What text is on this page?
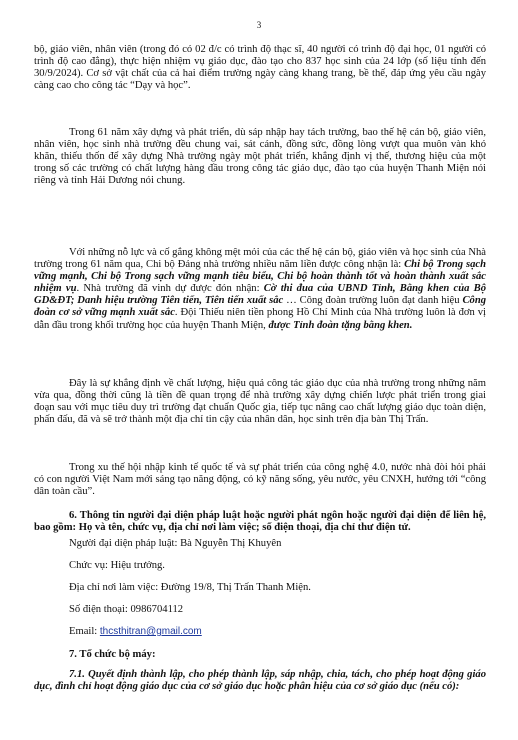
3

bộ, giáo viên, nhân viên (trong đó có 02 đ/c có trình độ thạc sĩ, 40 người có trình độ đại học, 01 người có trình độ cao đẳng), thực hiện nhiệm vụ giáo dục, đào tạo cho 837 học sinh của 24 lớp (số liệu tính đến 30/9/2024). Cơ sở vật chất của cả hai điểm trường ngày càng khang trang, bề thế, đáp ứng yêu cầu ngày càng cao cho công tác “Dạy và học”.

Trong 61 năm xây dựng và phát triển, dù sáp nhập hay tách trường, bao thế hệ cán bộ, giáo viên, nhân viên, học sinh nhà trường đều chung vai, sát cánh, đồng sức, đồng lòng vượt qua muôn vàn khó khăn, thiếu thốn để xây dựng Nhà trường ngày một phát triển, khẳng định vị thế, thương hiệu của một trong số các trường có chất lượng hàng đầu trong công tác giáo dục, đào tạo của huyện Thanh Miện nói riêng và tỉnh Hải Dương nói chung.

Với những nỗ lực và cố gắng không mệt mỏi của các thế hệ cán bộ, giáo viên và học sinh của Nhà trường trong 61 năm qua, Chi bộ Đảng nhà trường nhiều năm liền được công nhận là: Chi bộ Trong sạch vững mạnh, Chi bộ Trong sạch vững mạnh tiêu biểu, Chi bộ hoàn thành tốt và hoàn thành xuất sắc nhiệm vụ. Nhà trường đã vinh dự được đón nhận: Cờ thi đua của UBND Tỉnh, Bằng khen của Bộ GD&ĐT; Danh hiệu trường Tiên tiến, Tiên tiến xuất sắc … Công đoàn trường luôn đạt danh hiệu Công đoàn cơ sở vững mạnh xuất sắc. Đội Thiếu niên tiền phong Hồ Chí Minh của Nhà trường luôn là đơn vị dẫn đầu trong khối trường học của huyện Thanh Miện, được Tỉnh đoàn tặng bằng khen.

Đây là sự khẳng định về chất lượng, hiệu quả công tác giáo dục của nhà trường trong những năm vừa qua, đồng thời cũng là tiền đề quan trọng để nhà trường xây dựng chiến lược phát triển trong giai đoạn sau với mục tiêu duy trì trường đạt chuẩn Quốc gia, tiếp tục nâng cao chất lượng giáo dục toàn diện, phấn đấu, đã và sẽ trở thành một địa chỉ tin cậy của nhân dân, học sinh trên địa bàn Thị Trấn.

Trong xu thế hội nhập kinh tế quốc tế và sự phát triển của công nghệ 4.0, nước nhà đòi hỏi phải có con người Việt Nam mới sáng tạo năng động, có kỹ năng sống, yêu nước, yêu CNXH, hướng tới “công dân toàn cầu”.

6. Thông tin người đại diện pháp luật hoặc người phát ngôn hoặc người đại diện để liên hệ, bao gồm: Họ và tên, chức vụ, địa chỉ nơi làm việc; số điện thoại, địa chỉ thư điện tử.

Người đại diện pháp luật: Bà Nguyễn Thị Khuyên
Chức vụ: Hiệu trưởng.
Địa chỉ nơi làm việc: Đường 19/8, Thị Trấn Thanh Miện.
Số điện thoại: 0986704112
Email: thcsthitran@gmail.com
7. Tổ chức bộ máy:

7.1. Quyết định thành lập, cho phép thành lập, sáp nhập, chia, tách, cho phép hoạt động giáo dục, đình chỉ hoạt động giáo dục của cơ sở giáo dục hoặc phân hiệu của cơ sở giáo dục (nếu có):
